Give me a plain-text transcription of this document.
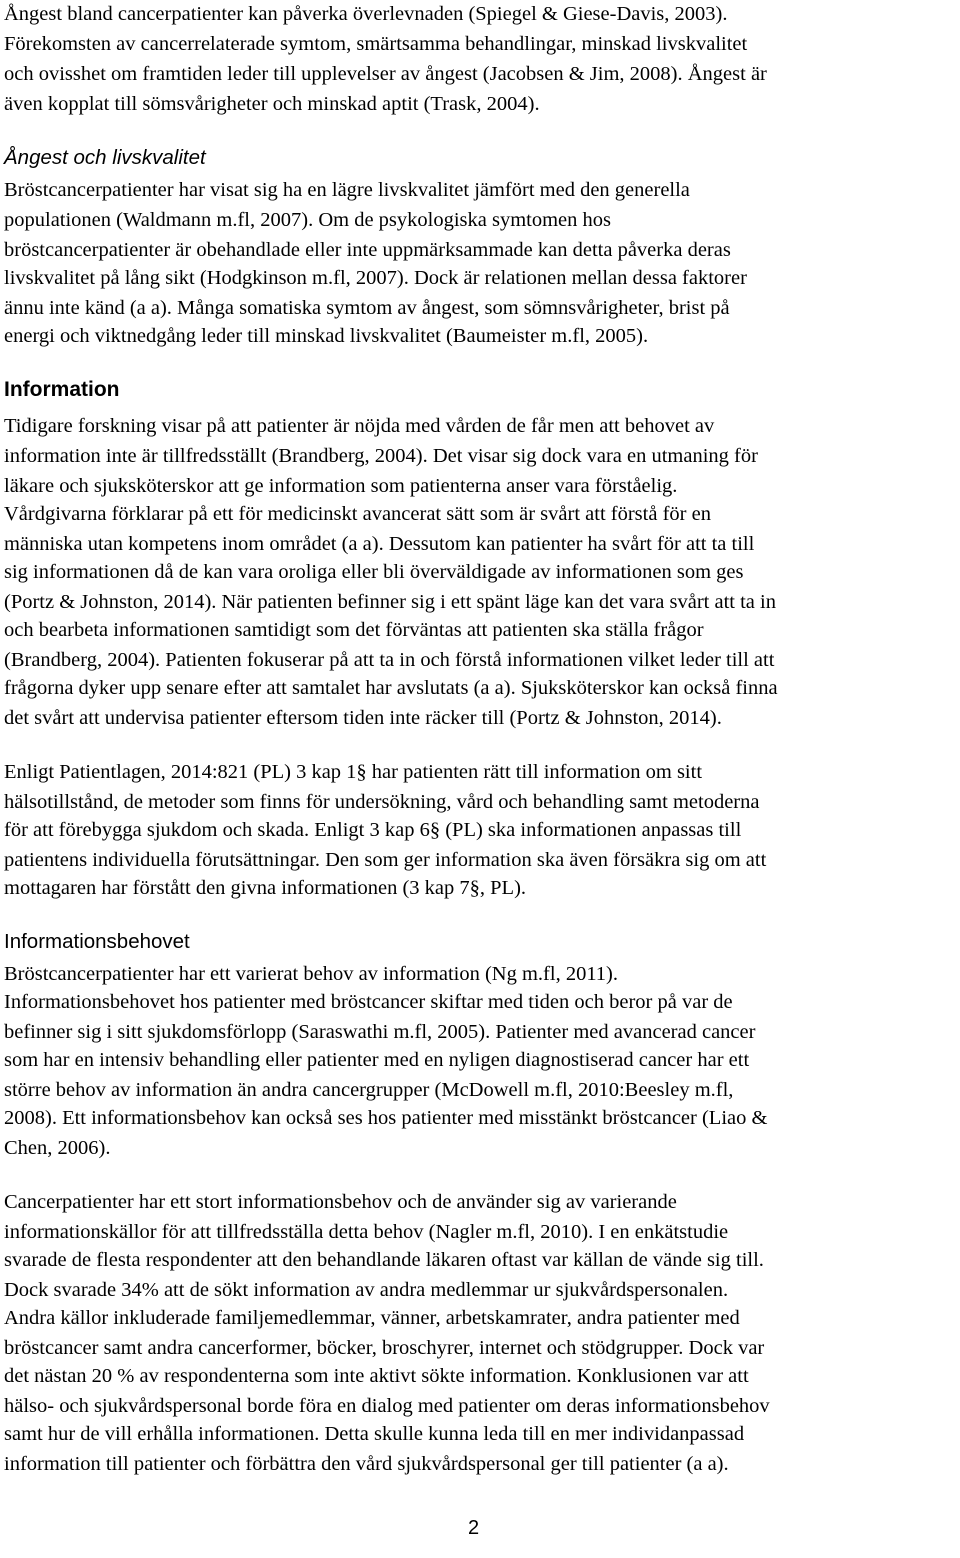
Ångest bland cancerpatienter kan påverka överlevnaden (Spiegel & Giese-Davis, 2003).
Förekomsten av cancerrelaterade symtom, smärtsamma behandlingar, minskad livskvalitet
och ovisshet om framtiden leder till upplevelser av ångest (Jacobsen & Jim, 2008). Ångest är
även kopplat till sömsvårigheter och minskad aptit (Trask, 2004).
Ångest och livskvalitet
Bröstcancerpatienter har visat sig ha en lägre livskvalitet jämfört med den generella
populationen (Waldmann m.fl, 2007). Om de psykologiska symtomen hos
bröstcancerpatienter är obehandlade eller inte uppmärksammade kan detta påverka deras
livskvalitet på lång sikt (Hodgkinson m.fl, 2007). Dock är relationen mellan dessa faktorer
ännu inte känd (a a). Många somatiska symtom av ångest, som sömnsvårigheter, brist på
energi och viktnedgång leder till minskad livskvalitet (Baumeister m.fl, 2005).
Information
Tidigare forskning visar på att patienter är nöjda med vården de får men att behovet av
information inte är tillfredsställt (Brandberg, 2004). Det visar sig dock vara en utmaning för
läkare och sjuksköterskor att ge information som patienterna anser vara förståelig.
Vårdgivarna förklarar på ett för medicinskt avancerat sätt som är svårt att förstå för en
människa utan kompetens inom området (a a). Dessutom kan patienter ha svårt för att ta till
sig informationen då de kan vara oroliga eller bli överväldigade av informationen som ges
(Portz & Johnston, 2014). När patienten befinner sig i ett spänt läge kan det vara svårt att ta in
och bearbeta informationen samtidigt som det förväntas att patienten ska ställa frågor
(Brandberg, 2004). Patienten fokuserar på att ta in och förstå informationen vilket leder till att
frågorna dyker upp senare efter att samtalet har avslutats (a a). Sjuksköterskor kan också finna
det svårt att undervisa patienter eftersom tiden inte räcker till (Portz & Johnston, 2014).
Enligt Patientlagen, 2014:821 (PL) 3 kap 1§ har patienten rätt till information om sitt
hälsotillstånd, de metoder som finns för undersökning, vård och behandling samt metoderna
för att förebygga sjukdom och skada. Enligt 3 kap 6§ (PL) ska informationen anpassas till
patientens individuella förutsättningar. Den som ger information ska även försäkra sig om att
mottagaren har förstått den givna informationen (3 kap 7§, PL).
Informationsbehovet
Bröstcancerpatienter har ett varierat behov av information (Ng m.fl, 2011).
Informationsbehovet hos patienter med bröstcancer skiftar med tiden och beror på var de
befinner sig i sitt sjukdomsförlopp (Saraswathi m.fl, 2005). Patienter med avancerad cancer
som har en intensiv behandling eller patienter med en nyligen diagnostiserad cancer har ett
större behov av information än andra cancergrupper (McDowell m.fl, 2010:Beesley m.fl,
2008). Ett informationsbehov kan också ses hos patienter med misstänkt bröstcancer (Liao &
Chen, 2006).
Cancerpatienter har ett stort informationsbehov och de använder sig av varierande
informationskällor för att tillfredsställa detta behov (Nagler m.fl, 2010). I en enkätstudie
svarade de flesta respondenter att den behandlande läkaren oftast var källan de vände sig till.
Dock svarade 34% att de sökt information av andra medlemmar ur sjukvårdspersonalen.
Andra källor inkluderade familjemedlemmar, vänner, arbetskamrater, andra patienter med
bröstcancer samt andra cancerformer, böcker, broschyrer, internet och stödgrupper. Dock var
det nästan 20 % av respondenterna som inte aktivt sökte information. Konklusionen var att
hälso- och sjukvårdspersonal borde föra en dialog med patienter om deras informationsbehov
samt hur de vill erhålla informationen. Detta skulle kunna leda till en mer individanpassad
information till patienter och förbättra den vård sjukvårdspersonal ger till patienter (a a).
2
